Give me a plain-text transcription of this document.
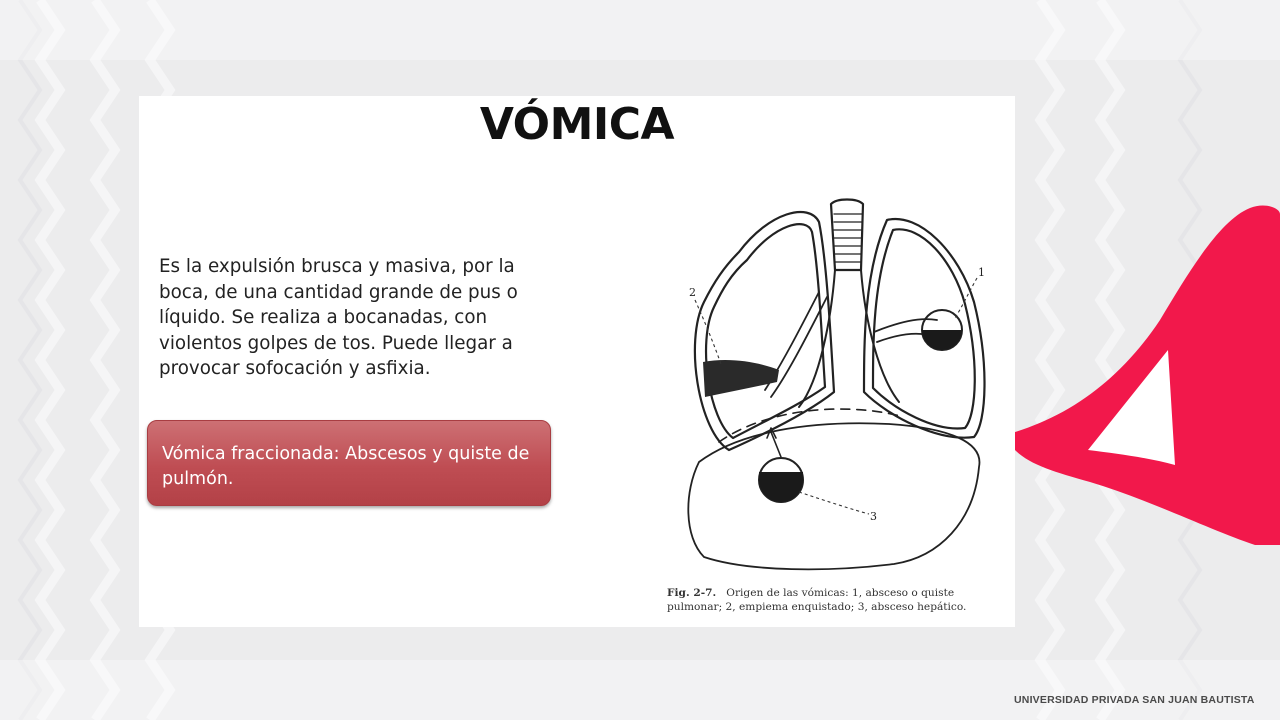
VÓMICA

Es la expulsión brusca y masiva, por la boca, de una cantidad grande de pus o líquido. Se realiza a bocanadas, con violentos golpes de tos. Puede llegar a provocar sofocación y asfixia.

Vómica fraccionada: Abscesos y quiste de pulmón.

2
1
3

Fig. 2-7. Origen de las vómicas: 1, absceso o quiste pulmonar; 2, empiema enquistado; 3, absceso hepático.

UNIVERSIDAD PRIVADA SAN JUAN BAUTISTA
